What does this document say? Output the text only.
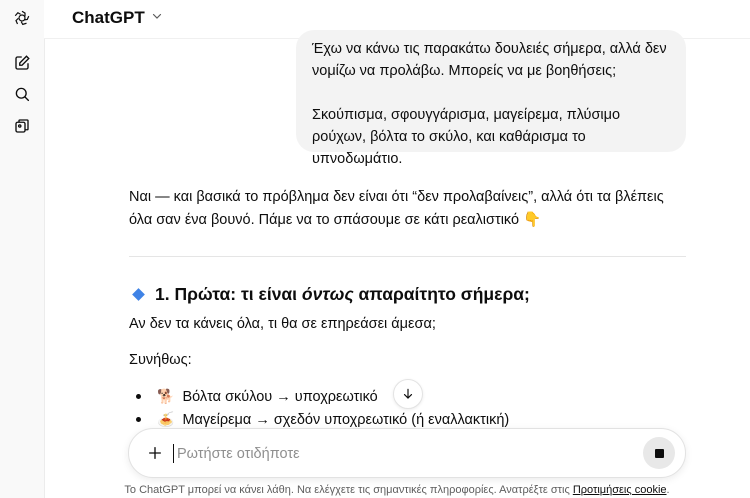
ChatGPT

Έχω να κάνω τις παρακάτω δουλειές σήμερα, αλλά δεν νομίζω να προλάβω. Μπορείς να με βοηθήσεις;

Σκούπισμα, σφουγγάρισμα, μαγείρεμα, πλύσιμο ρούχων, βόλτα το σκύλο, και καθάρισμα το υπνοδωμάτιο.

Ναι — και βασικά το πρόβλημα δεν είναι ότι “δεν προλαβαίνεις”, αλλά ότι τα βλέπεις όλα σαν ένα βουνό. Πάμε να το σπάσουμε σε κάτι ρεαλιστικό 👇
1. Πρώτα: τι είναι όντως απαραίτητο σήμερα;
Αν δεν τα κάνεις όλα, τι θα σε επηρεάσει άμεσα;
Συνήθως:
🐕 Βόλτα σκύλου → υποχρεωτικό
🍝 Μαγείρεμα → σχεδόν υποχρεωτικό (ή εναλλακτική)
Ρωτήστε οτιδήποτε
Το ChatGPT μπορεί να κάνει λάθη. Να ελέγχετε τις σημαντικές πληροφορίες. Ανατρέξτε στις Προτιμήσεις cookie.
